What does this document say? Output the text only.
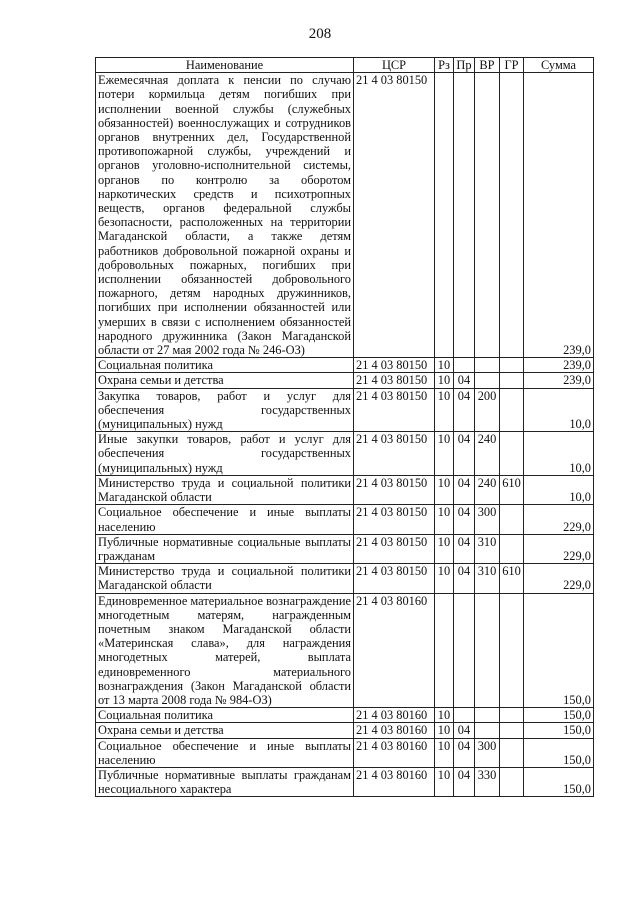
208
Наименование	ЦСР	Рз	Пр	ВР	ГР	Сумма
Ежемесячная доплата к пенсии по случаю потери кормильца детям погибших при исполнении военной службы (служебных обязанностей) военнослужащих и сотрудников органов внутренних дел, Государственной противопожарной службы, учреждений и органов уголовно-исполнительной системы, органов по контролю за оборотом наркотических средств и психотропных веществ, органов федеральной службы безопасности, расположенных на территории Магаданской области, а также детям работников добровольной пожарной охраны и добровольных пожарных, погибших при исполнении обязанностей добровольного пожарного, детям народных дружинников, погибших при исполнении обязанностей или умерших в связи с исполнением обязанностей народного дружинника (Закон Магаданской области от 27 мая 2002 года № 246-ОЗ)	21 4 03 80150					239,0
Социальная политика	21 4 03 80150	10				239,0
Охрана семьи и детства	21 4 03 80150	10	04			239,0
Закупка товаров, работ и услуг для обеспечения государственных (муниципальных) нужд	21 4 03 80150	10	04	200		10,0
Иные закупки товаров, работ и услуг для обеспечения государственных (муниципальных) нужд	21 4 03 80150	10	04	240		10,0
Министерство труда и социальной политики Магаданской области	21 4 03 80150	10	04	240	610	10,0
Социальное обеспечение и иные выплаты населению	21 4 03 80150	10	04	300		229,0
Публичные нормативные социальные выплаты гражданам	21 4 03 80150	10	04	310		229,0
Министерство труда и социальной политики Магаданской области	21 4 03 80150	10	04	310	610	229,0
Единовременное материальное вознаграждение многодетным матерям, награжденным почетным знаком Магаданской области «Материнская слава», для награждения многодетных матерей, выплата единовременного материального вознаграждения (Закон Магаданской области от 13 марта 2008 года № 984-ОЗ)	21 4 03 80160					150,0
Социальная политика	21 4 03 80160	10				150,0
Охрана семьи и детства	21 4 03 80160	10	04			150,0
Социальное обеспечение и иные выплаты населению	21 4 03 80160	10	04	300		150,0
Публичные нормативные выплаты гражданам несоциального характера	21 4 03 80160	10	04	330		150,0
